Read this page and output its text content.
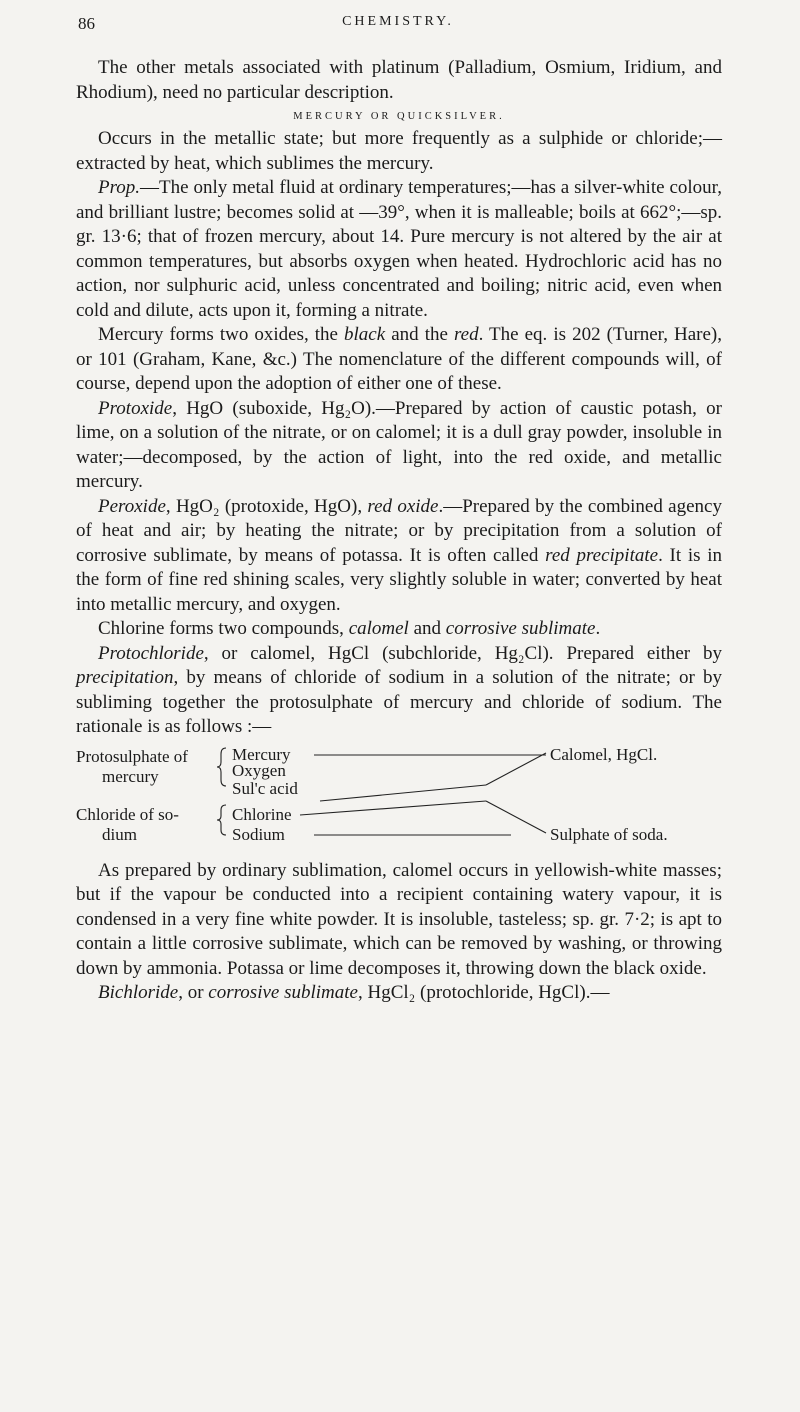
86	CHEMISTRY.

The other metals associated with platinum (Palladium, Osmium, Iridium, and Rhodium), need no particular description.

MERCURY OR QUICKSILVER.

Occurs in the metallic state; but more frequently as a sulphide or chloride;—extracted by heat, which sublimes the mercury.

Prop.—The only metal fluid at ordinary temperatures;—has a silver-white colour, and brilliant lustre; becomes solid at —39°, when it is malleable; boils at 662°;—sp. gr. 13·6; that of frozen mercury, about 14. Pure mercury is not altered by the air at common temperatures, but absorbs oxygen when heated. Hydrochloric acid has no action, nor sulphuric acid, unless concentrated and boiling; nitric acid, even when cold and dilute, acts upon it, forming a nitrate.

Mercury forms two oxides, the black and the red. The eq. is 202 (Turner, Hare), or 101 (Graham, Kane, &c.) The nomenclature of the different compounds will, of course, depend upon the adoption of either one of these.

Protoxide, HgO (suboxide, Hg₂O).—Prepared by action of caustic potash, or lime, on a solution of the nitrate, or on calomel; it is a dull gray powder, insoluble in water;—decomposed, by the action of light, into the red oxide, and metallic mercury.

Peroxide, HgO₂ (protoxide, HgO), red oxide.—Prepared by the combined agency of heat and air; by heating the nitrate; or by precipitation from a solution of corrosive sublimate, by means of potassa. It is often called red precipitate. It is in the form of fine red shining scales, very slightly soluble in water; converted by heat into metallic mercury, and oxygen.

Chlorine forms two compounds, calomel and corrosive sublimate.

Protochloride, or calomel, HgCl (subchloride, Hg₂Cl). Prepared either by precipitation, by means of chloride of sodium in a solution of the nitrate; or by subliming together the protosulphate of mercury and chloride of sodium. The rationale is as follows :—

Protosulphate of
mercury
Chloride of so-
dium
Mercury
Oxygen
Sul'c acid
Chlorine
Sodium
Calomel, HgCl.
Sulphate of soda.

As prepared by ordinary sublimation, calomel occurs in yellowish-white masses; but if the vapour be conducted into a recipient containing watery vapour, it is condensed in a very fine white powder. It is insoluble, tasteless; sp. gr. 7·2; is apt to contain a little corrosive sublimate, which can be removed by washing, or throwing down by ammonia. Potassa or lime decomposes it, throwing down the black oxide.

Bichloride, or corrosive sublimate, HgCl₂ (protochloride, HgCl).—
